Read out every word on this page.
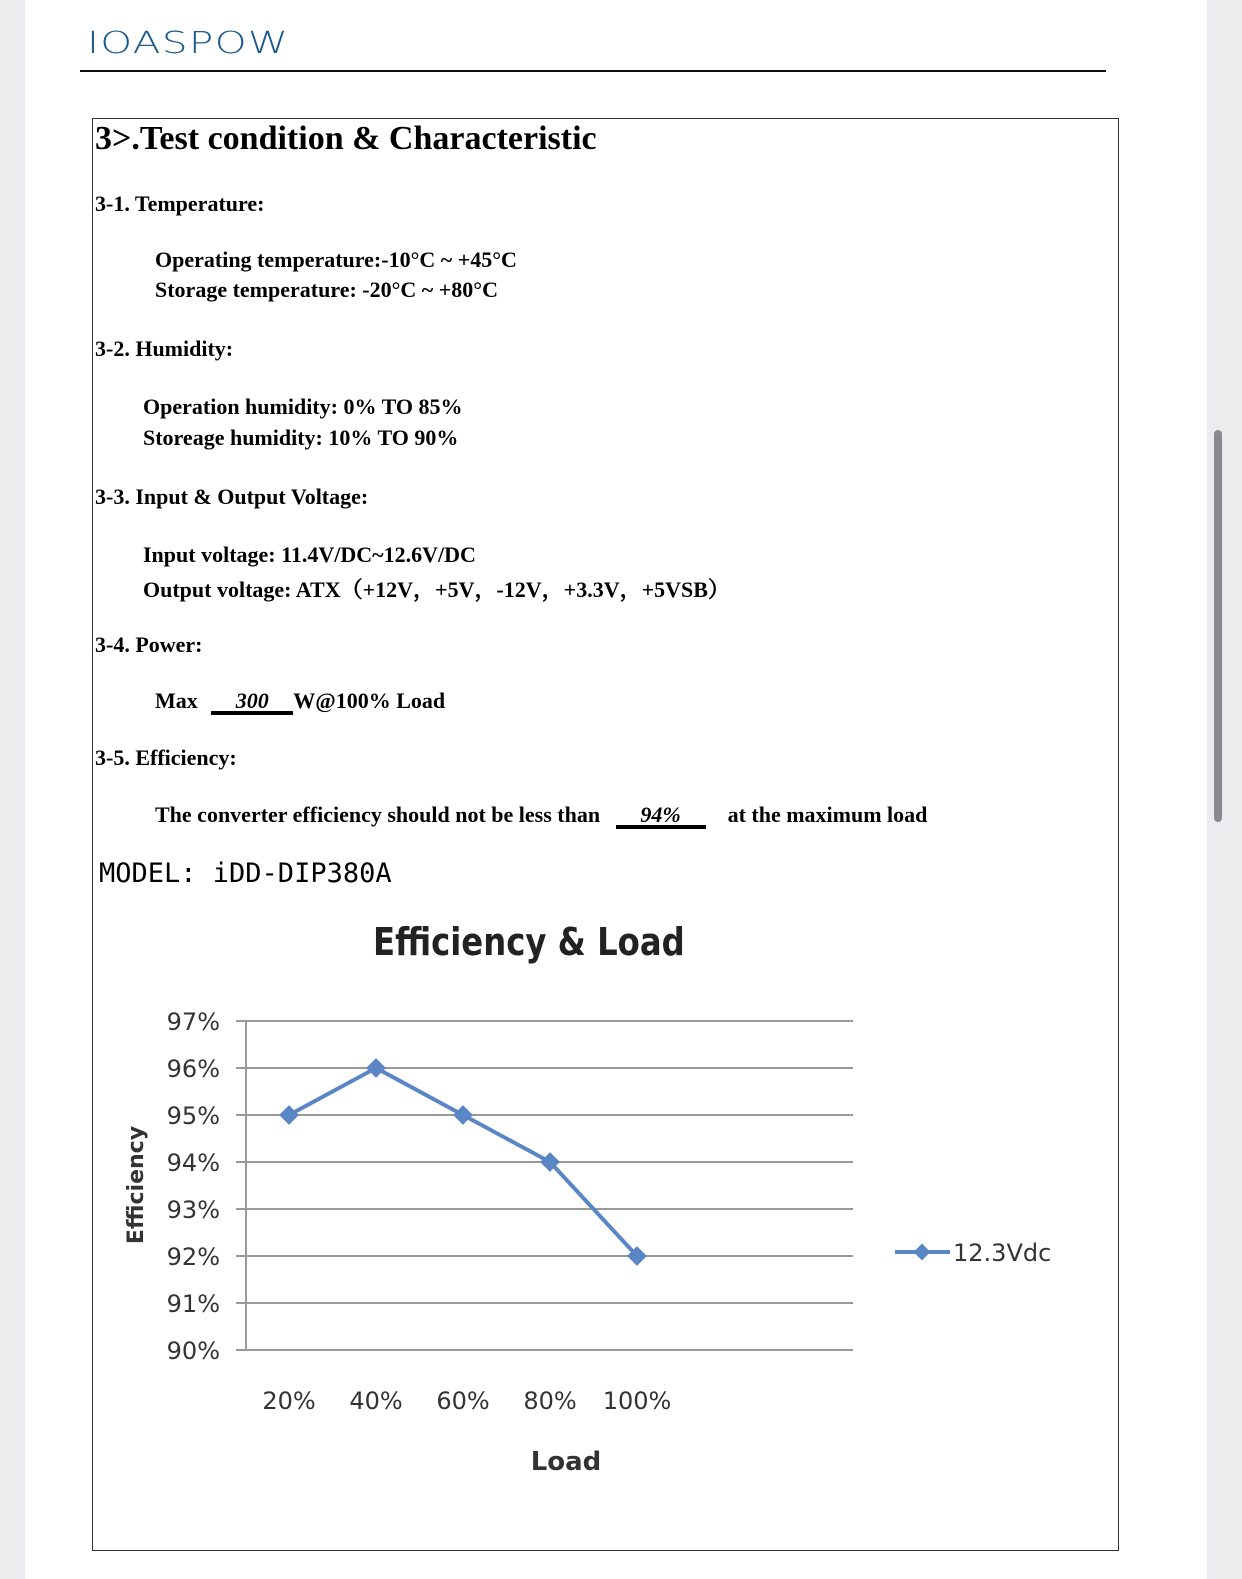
IOASPOW
3>.Test condition & Characteristic
3-1. Temperature:
Operating temperature:-10°C ~ +45°C
Storage temperature: -20°C ~ +80°C
3-2. Humidity:
Operation humidity: 0% TO 85%
Storeage humidity: 10% TO 90%
3-3. Input & Output Voltage:
Input voltage: 11.4V/DC~12.6V/DC
Output voltage: ATX（+12V，+5V，-12V，+3.3V，+5VSB）
3-4. Power:
Max 300 W@100% Load
3-5. Efficiency:
The converter efficiency should not be less than 94% at the maximum load
MODEL: iDD-DIP380A
Efficiency & Load
90%
91%
92%
93%
94%
95%
96%
97%
20% 40% 60% 80% 100%
Load
Efficiency
12.3Vdc
